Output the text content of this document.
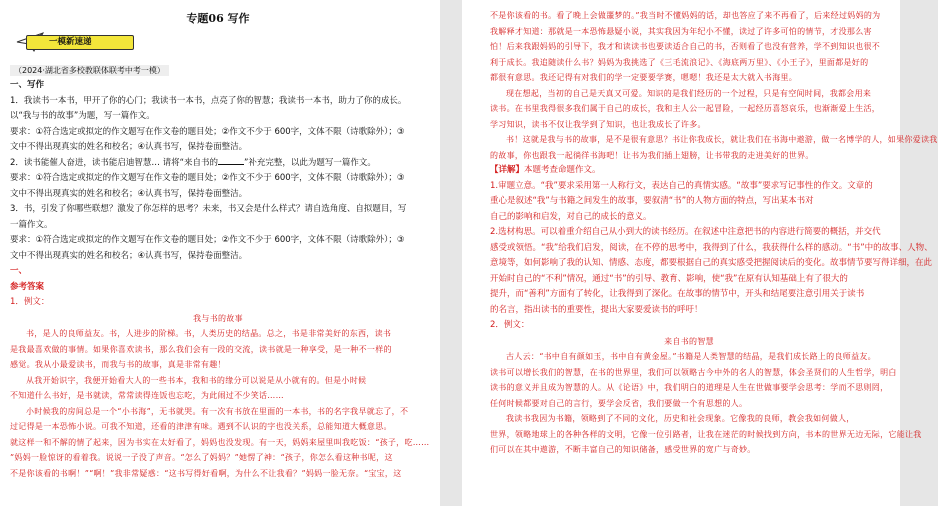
专题06 写作
一模新速递
（2024·湖北省多校教联体联考中考一模）

一、写作

1．我读书一本书，甲开了你的心门；我读书一本书，点亮了你的智慧；我读书一本书，助力了你的成长。

以“我与书的故事”为题，写一篇作文。

要求：①符合选定或拟定的作文题写在作文卷的题目处；②作文不少于 600字，文体不限（诗歌除外）；③

文中不得出现真实的姓名和校名；④认真书写，保持卷面整洁。

2．读书能催人奋进，读书能启迪智慧… 请将“来自书的	”补充完整，以此为题写一篇作文。

要求：①符合选定或拟定的作文题写在作文卷的题目处；②作文不少于 600字，文体不限（诗歌除外）；③

文中不得出现真实的姓名和校名；④认真书写，保持卷面整洁。

3．书，引发了你哪些联想？激发了你怎样的思考？未来，书又会是什么样式？请自选角度、自拟题目，写

一篇作文。

要求：①符合选定或拟定的作文题写在作文卷的题目处；②作文不少于 600字，文体不限（诗歌除外）；③

文中不得出现真实的姓名和校名；④认真书写，保持卷面整洁。

一、

参考答案

1．例文：

我与书的故事

书，是人的良师益友。书，人进步的阶梯。书，人类历史的结晶。总之，书是非常美好的东西，读书

是我最喜欢做的事情。如果你喜欢读书，那么我们会有一段的交流，读书就是一种享受，是一种不一样的

感觉。我从小最爱读书，而我与书的故事，真是非常有趣！

从我开始识字，我便开始看大人的一些书本，我和书的缘分可以说是从小就有的。但是小时候

不知道什么书好，是书就读，常常读得连饭也忘吃，为此闹过不少笑话……

小时候我的房间总是一个“小书海”，无书就哭。有一次有书放在里面的一本书，书的名字我早就忘了，不

过记得是一本恐怖小说。可我不知道，还看的津津有味。遇到不认识的字也没关系，总能知道大概意思。

就这样一和不解的情了起来，因为书实在太好看了，妈妈也没发现。有一天，妈妈来屋里叫我吃饭：“孩子，吃……

”妈妈一脸惊讶的看着我。说说一子没了声音。“怎么了妈妈？”她愣了神：“孩子，你怎么看这种书呢，这

不是你该看的书啊！”“啊！”我非常疑惑：“这书写得好看啊，为什么不让我看？”妈妈一脸无奈。“宝宝，这

不是你该看的书。看了晚上会做噩梦的。”我当时不懂妈妈的话，却也答应了来不再看了，后来经过妈妈的为

我解释才知道：那就是一本恐怖悬疑小说，其实我因为年纪小不懂，读过了许多可怕的情节，才没那么害

怕！后来我跟妈妈的引导下，我才和读读书也要读适合自己的书，否则看了也没有营养，学不到知识也很不

利于成长。我追随读什么书？妈妈为我挑选了《三毛流浪记》、《海底两万里》、《小王子》，里面都是好的

都很有意思。我还记得有对我们的学一定要要学赛，嗯嗯！我还是太大就入书海里。

现在想起，当初的自己是天真又可爱。知识的是我们经历的一个过程，只是有空间时间，我都会用来

读书。在书里我得很多我们属于自己的成长，我和主人公一起冒险，一起经历喜怒哀乐，也渐渐爱上生活，

学习知识，读书不仅让我学到了知识，也让我成长了许多。

书！这就是我与书的故事，是不是很有意思？书让你我成长，就让我们在书海中遨游，做一名博学的人，如果你爱读我

的故事，你也跟我一起徜徉书海吧！让书为我们插上翅膀，让书带我的走进美好的世界。

【详解】本题考查命题作文。

1.审题立意。“我”要求采用第一人称行文，表达自己的真情实感。“故事”要求写记事性的作文。文章的

重心是叙述“我”与书籍之间发生的故事，要叙清“书”的人物方面的特点，写出某本书对

自己的影响和启发，对自己的成长的意义。

2.选材构思。可以着重介绍自己从小到大的读书经历。在叙述中注意把书的内容进行简要的概括，并交代

感受或领悟。“我”给我们启发，阅读，在不停的思考中，我得到了什么，我获得什么样的感动。“书”中的故事、人物、

意境等，如何影响了我的认知、情感、态度，都要根据自己的真实感受把握阅读后的变化。故事情节要写得详细，在此

开始时自己的“不利”情况，通过“书”的引导、教育、影响，使“我”在原有认知基础上有了很大的

提升，而“善利”方面有了转化，让我得到了深化。在故事的情节中，开头和结尾要注意引用关于读书

的名言，指出读书的重要性，提出大家要爱读书的呼吁！

2．例文：

来自书的智慧

古人云：“书中自有颜如玉，书中自有黄金屋。”书籍是人类智慧的结晶，是我们成长路上的良师益友。

读书可以增长我们的智慧，在书的世界里，我们可以领略古今中外的名人的智慧，体会圣贤们的人生哲学，明白

读书的意义并且成为智慧的人。从《论语》中，我们明白的道理是人生在世做事要学会思考：学而不思则罔，

任何时候都要对自己的言行，要学会反省，我们要做一个有思想的人。

我读书我因为书籍，领略到了不同的文化，历史和社会现象。它像我的良师，教会我如何做人，

世界，领略地球上的各种各样的文明，它像一位引路者，让我在迷茫的时候找到方向，书本的世界无边无际，它能让我

们可以在其中遨游，不断丰富自己的知识储备，感受世界的宽广与奇妙。
